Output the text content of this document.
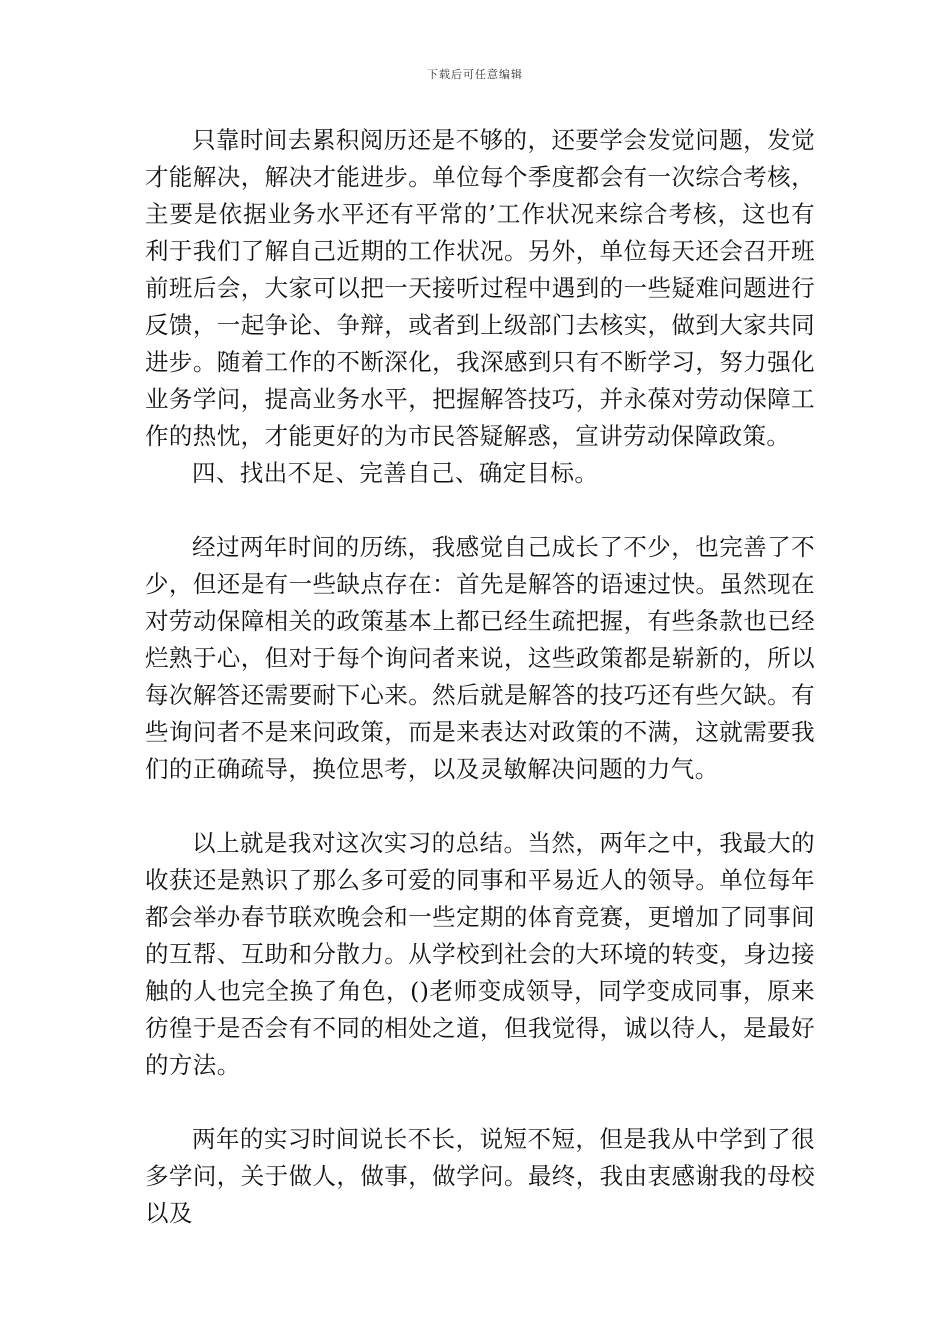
下载后可任意编辑

只靠时间去累积阅历还是不够的，还要学会发觉问题，发觉才能解决，解决才能进步。单位每个季度都会有一次综合考核，主要是依据业务水平还有平常的’工作状况来综合考核，这也有利于我们了解自己近期的工作状况。另外，单位每天还会召开班前班后会，大家可以把一天接听过程中遇到的一些疑难问题进行反馈，一起争论、争辩，或者到上级部门去核实，做到大家共同进步。随着工作的不断深化，我深感到只有不断学习，努力强化业务学问，提高业务水平，把握解答技巧，并永葆对劳动保障工作的热忱，才能更好的为市民答疑解惑，宣讲劳动保障政策。

四、找出不足、完善自己、确定目标。

经过两年时间的历练，我感觉自己成长了不少，也完善了不少，但还是有一些缺点存在：首先是解答的语速过快。虽然现在对劳动保障相关的政策基本上都已经生疏把握，有些条款也已经烂熟于心，但对于每个询问者来说，这些政策都是崭新的，所以每次解答还需要耐下心来。然后就是解答的技巧还有些欠缺。有些询问者不是来问政策，而是来表达对政策的不满，这就需要我们的正确疏导，换位思考，以及灵敏解决问题的力气。

以上就是我对这次实习的总结。当然，两年之中，我最大的收获还是熟识了那么多可爱的同事和平易近人的领导。单位每年都会举办春节联欢晚会和一些定期的体育竞赛，更增加了同事间的互帮、互助和分散力。从学校到社会的大环境的转变，身边接触的人也完全换了角色，()老师变成领导，同学变成同事，原来彷徨于是否会有不同的相处之道，但我觉得，诚以待人，是最好的方法。

两年的实习时间说长不长，说短不短，但是我从中学到了很多学问，关于做人，做事，做学问。最终，我由衷感谢我的母校以及
